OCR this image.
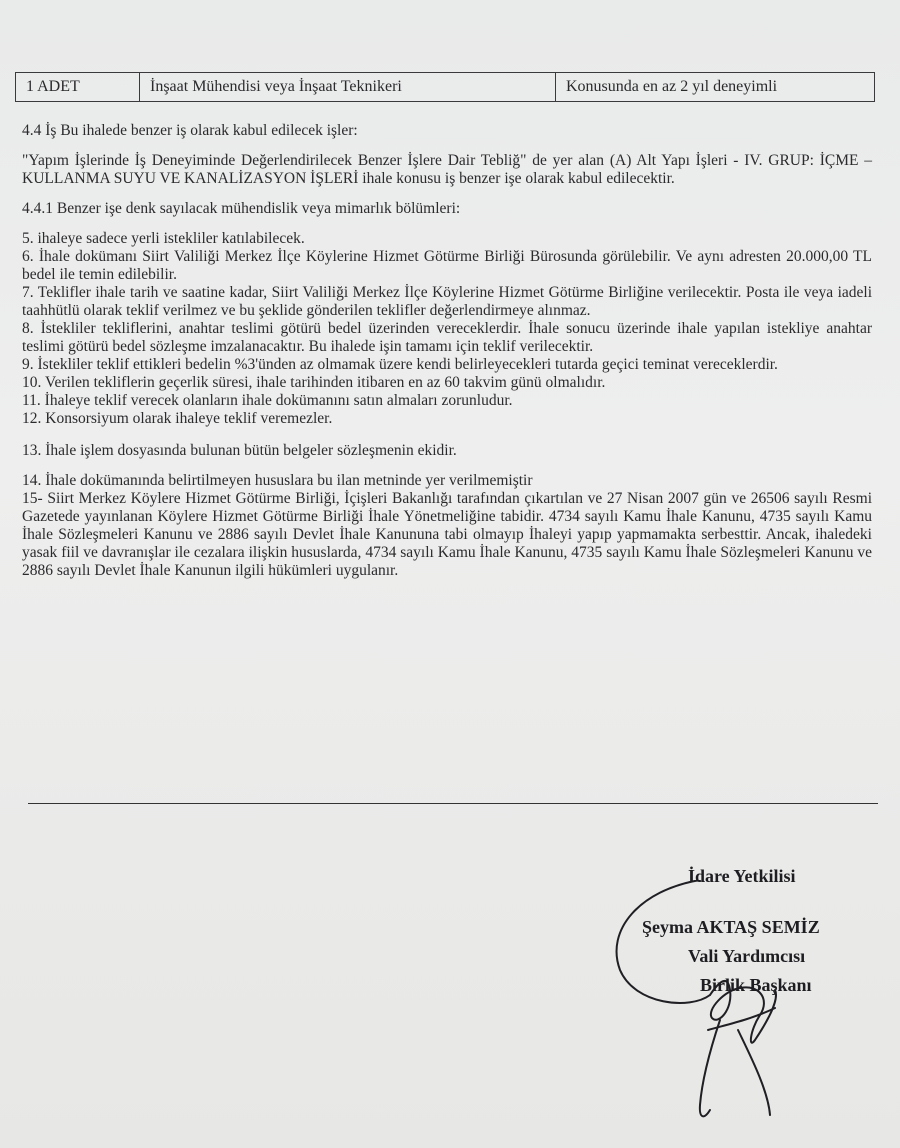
1 ADET	İnşaat Mühendisi veya İnşaat Teknikeri	Konusunda en az 2 yıl deneyimli

4.4 İş Bu ihalede benzer iş olarak kabul edilecek işler:

"Yapım İşlerinde İş Deneyiminde Değerlendirilecek Benzer İşlere Dair Tebliğ" de yer alan (A) Alt Yapı İşleri - IV. GRUP: İÇME –KULLANMA SUYU VE KANALİZASYON İŞLERİ ihale konusu iş benzer işe olarak kabul edilecektir.

4.4.1 Benzer işe denk sayılacak mühendislik veya mimarlık bölümleri:

5. ihaleye sadece yerli istekliler katılabilecek.

6. İhale dokümanı Siirt Valiliği Merkez İlçe Köylerine Hizmet Götürme Birliği Bürosunda görülebilir. Ve aynı adresten 20.000,00 TL bedel ile temin edilebilir.

7. Teklifler ihale tarih ve saatine kadar, Siirt Valiliği Merkez İlçe Köylerine Hizmet Götürme Birliğine verilecektir. Posta ile veya iadeli taahhütlü olarak teklif verilmez ve bu şeklide gönderilen teklifler değerlendirmeye alınmaz.

8. İstekliler tekliflerini, anahtar teslimi götürü bedel üzerinden vereceklerdir. İhale sonucu üzerinde ihale yapılan istekliye anahtar teslimi götürü bedel sözleşme imzalanacaktır. Bu ihalede işin tamamı için teklif verilecektir.

9. İstekliler teklif ettikleri bedelin %3'ünden az olmamak üzere kendi belirleyecekleri tutarda geçici teminat vereceklerdir.

10. Verilen tekliflerin geçerlik süresi, ihale tarihinden itibaren en az 60 takvim günü olmalıdır.

11. İhaleye teklif verecek olanların ihale dokümanını satın almaları zorunludur.

12. Konsorsiyum olarak ihaleye teklif veremezler.

13. İhale işlem dosyasında bulunan bütün belgeler sözleşmenin ekidir.

14. İhale dokümanında belirtilmeyen hususlara bu ilan metninde yer verilmemiştir

15- Siirt Merkez Köylere Hizmet Götürme Birliği, İçişleri Bakanlığı tarafından çıkartılan ve 27 Nisan 2007 gün ve 26506 sayılı Resmi Gazetede yayınlanan Köylere Hizmet Götürme Birliği İhale Yönetmeliğine tabidir. 4734 sayılı Kamu İhale Kanunu, 4735 sayılı Kamu İhale Sözleşmeleri Kanunu ve 2886 sayılı Devlet İhale Kanununa tabi olmayıp İhaleyi yapıp yapmamakta serbesttir. Ancak, ihaledeki yasak fiil ve davranışlar ile cezalara ilişkin hususlarda, 4734 sayılı Kamu İhale Kanunu, 4735 sayılı Kamu İhale Sözleşmeleri Kanunu ve 2886 sayılı Devlet İhale Kanunun ilgili hükümleri uygulanır.

İdare Yetkilisi
Şeyma AKTAŞ SEMİZ
Vali Yardımcısı
Birlik Başkanı
